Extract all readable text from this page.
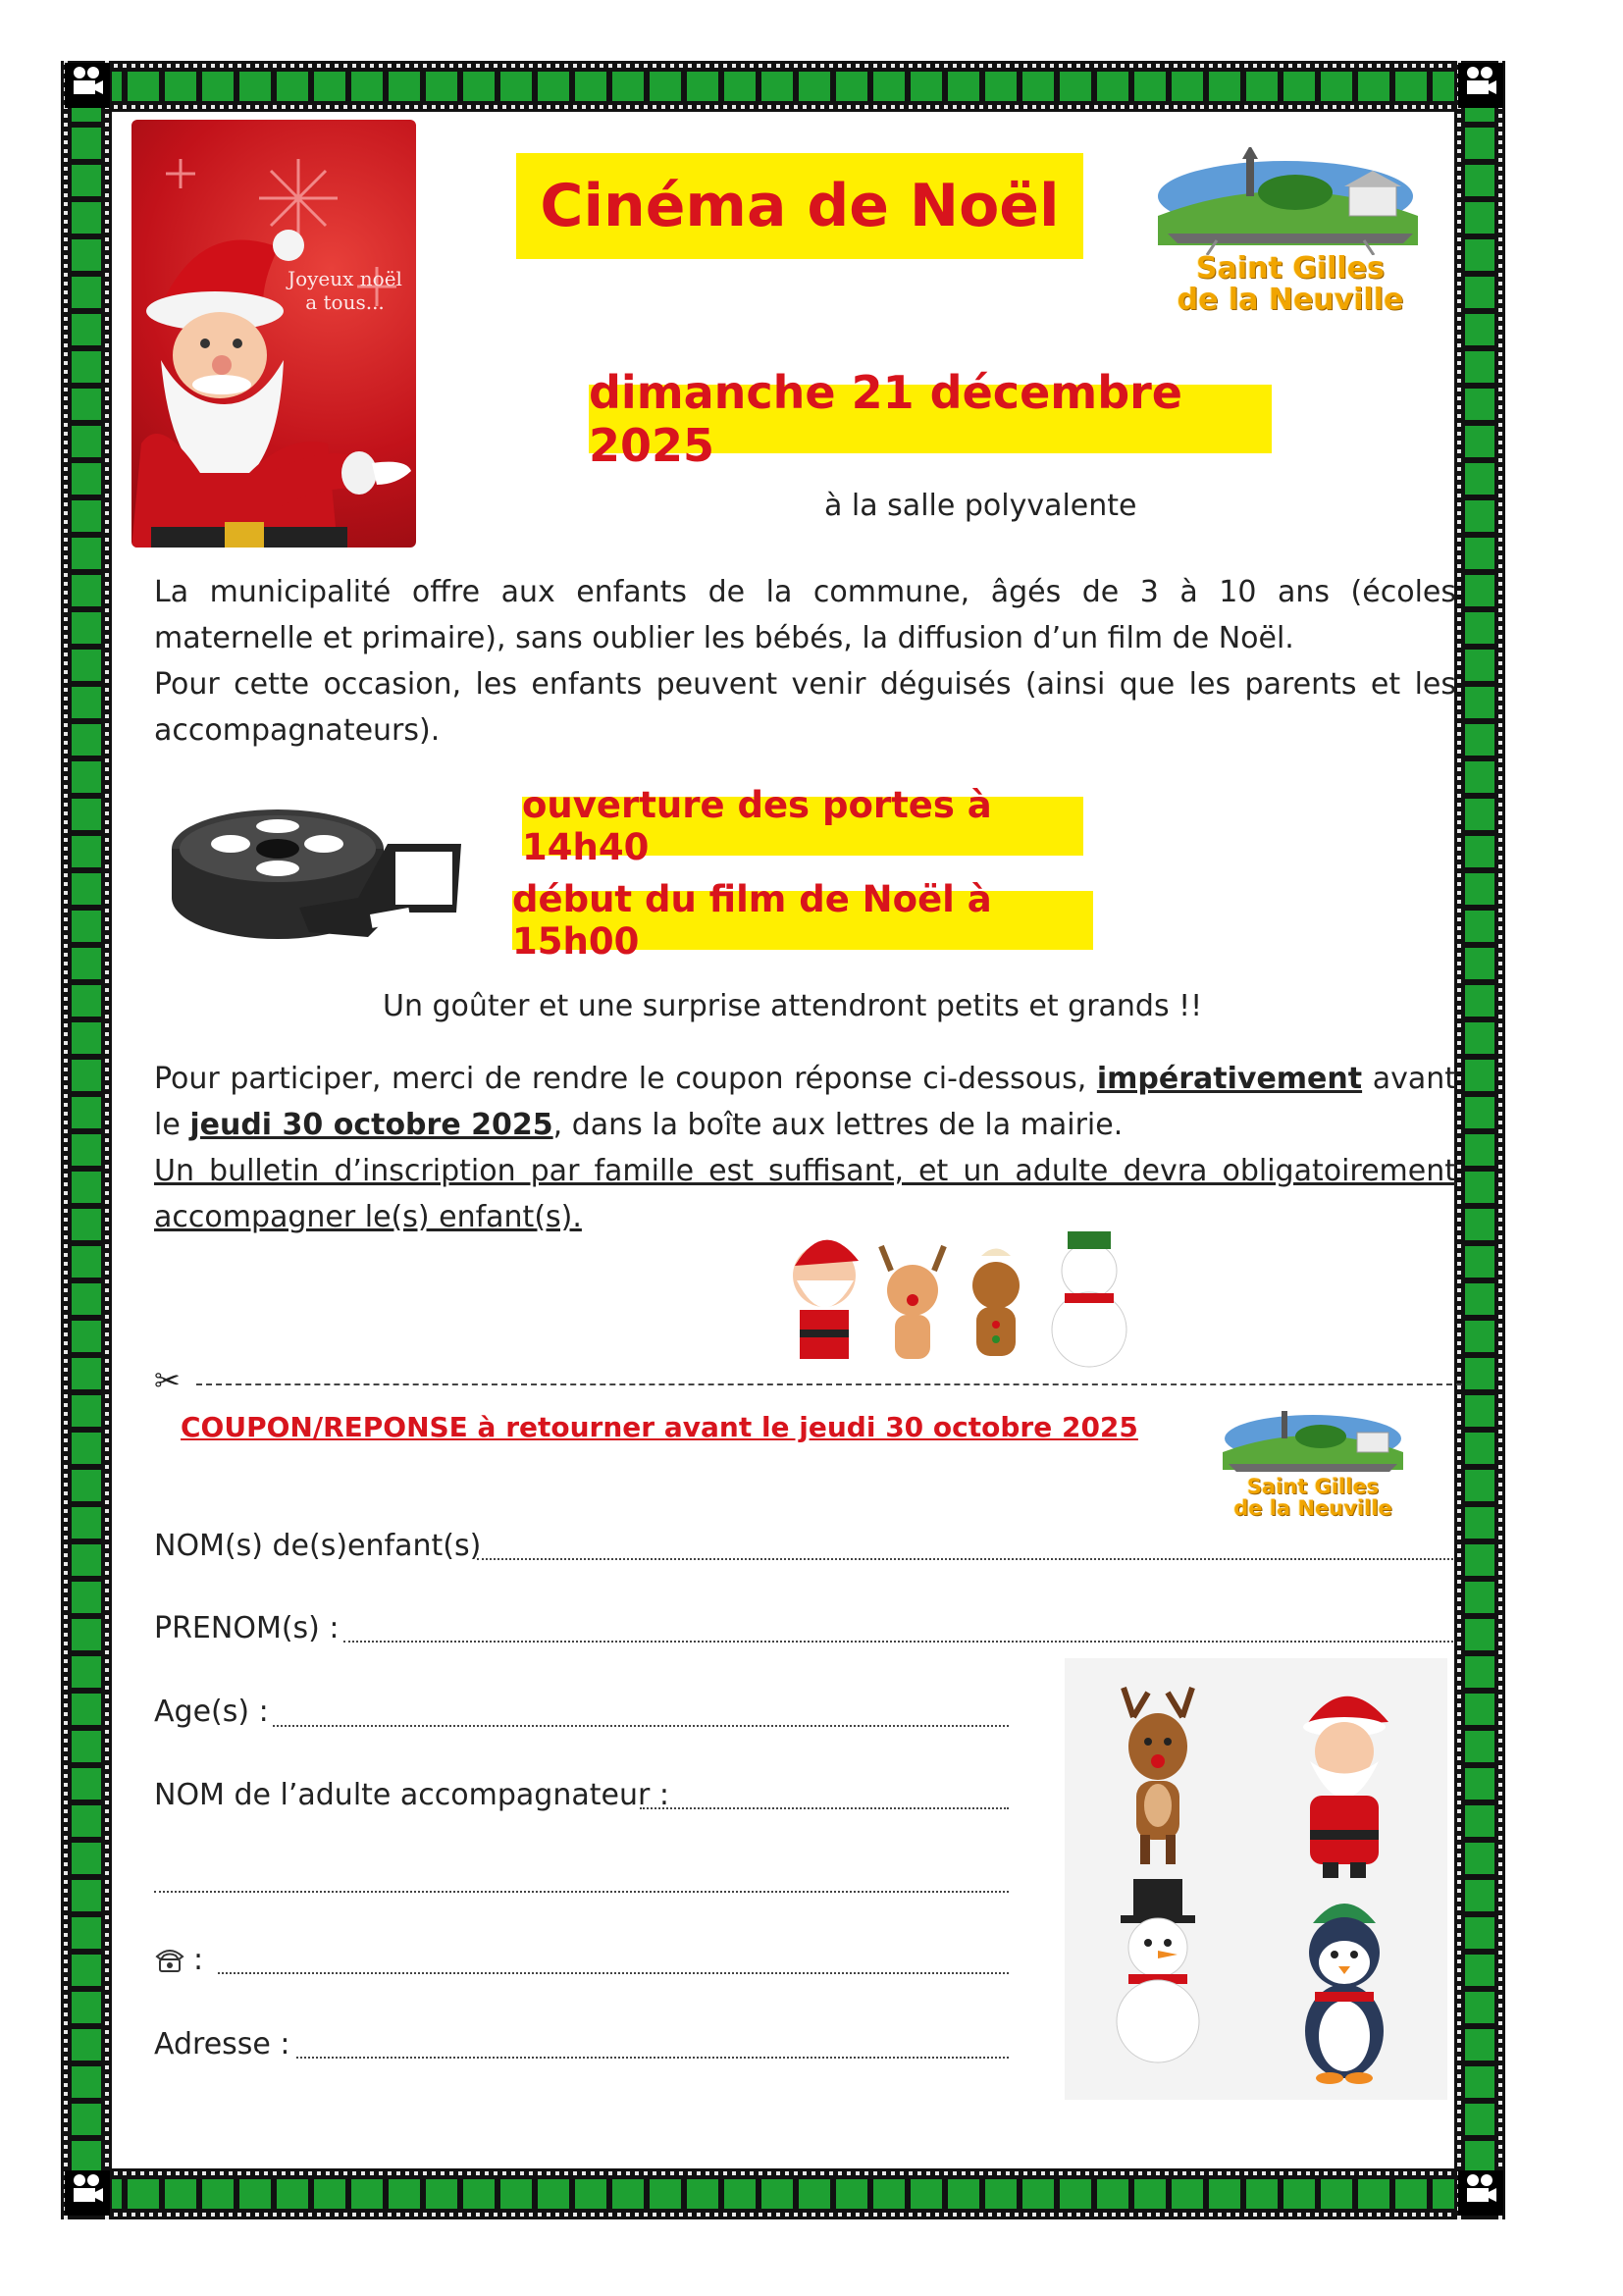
Joyeux noël
a tous...
Cinéma de Noël
Saint Gilles
de la Neuville
dimanche 21 décembre 2025
à la salle polyvalente
La municipalité offre aux enfants de la commune, âgés de 3 à 10 ans (écoles maternelle et primaire), sans oublier les bébés, la diffusion d’un film de Noël.
Pour cette occasion, les enfants peuvent venir déguisés (ainsi que les parents et les accompagnateurs).
ouverture des portes à 14h40
début du film de Noël à 15h00
Un goûter et une surprise attendront petits et grands !!
Pour participer, merci de rendre le coupon réponse ci-dessous, impérativement avant le jeudi 30 octobre 2025, dans la boîte aux lettres de la mairie.
Un bulletin d’inscription par famille est suffisant, et un adulte devra obligatoirement accompagner le(s) enfant(s).
✂
COUPON/REPONSE à retourner avant le jeudi 30 octobre 2025
Saint Gilles
de la Neuville
NOM(s) de(s)enfant(s)
PRENOM(s) :
Age(s) :
NOM de l’adulte accompagnateur :
:
Adresse :
